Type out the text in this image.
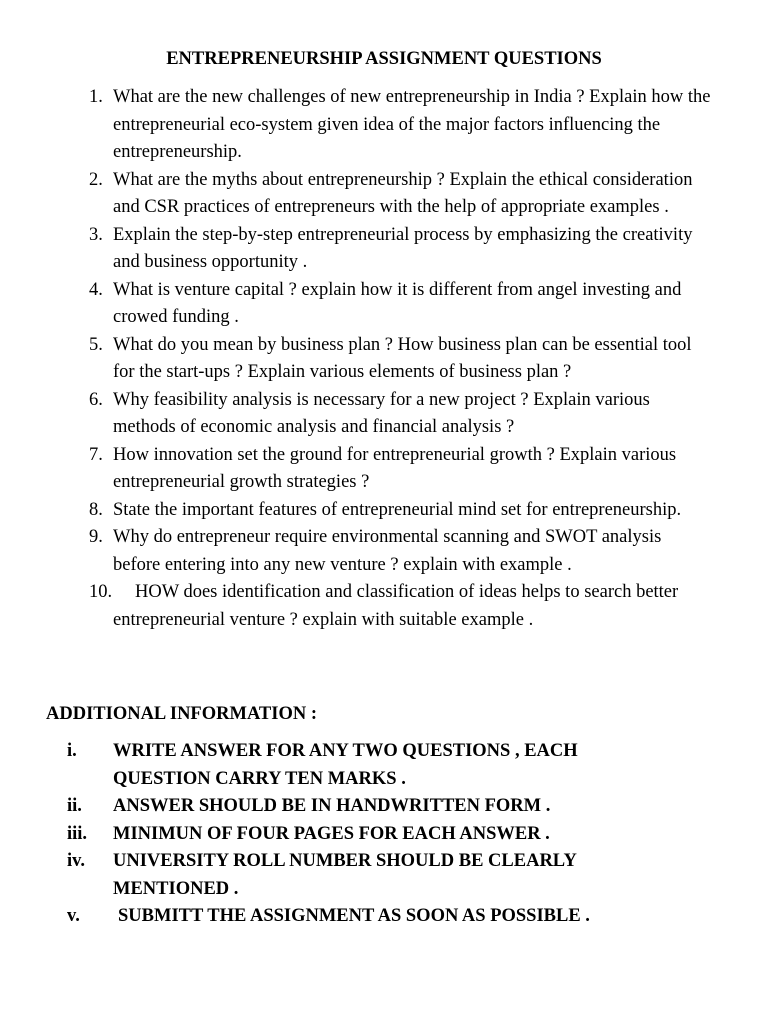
ENTREPRENEURSHIP ASSIGNMENT QUESTIONS
1. What are the new challenges of new entrepreneurship in India ? Explain how the entrepreneurial eco-system given idea of the major factors influencing the entrepreneurship.
2. What are the myths about entrepreneurship ? Explain the ethical consideration and CSR practices of entrepreneurs with the help of appropriate examples .
3. Explain the step-by-step entrepreneurial process by emphasizing the creativity and business opportunity .
4. What is venture capital ? explain how it is different from angel investing and crowed funding .
5. What do you mean by business plan ? How business plan can be essential tool for the start-ups ? Explain various elements of business plan ?
6. Why feasibility analysis is necessary for a new project ? Explain various methods of economic analysis and financial analysis ?
7. How innovation set the ground for entrepreneurial growth ? Explain various entrepreneurial growth strategies ?
8. State the important features of entrepreneurial mind set for entrepreneurship.
9. Why do entrepreneur require environmental scanning and SWOT analysis before entering into any new venture ? explain with example .
10.	HOW does identification and classification of ideas helps to search better entrepreneurial venture ? explain with suitable example .
ADDITIONAL INFORMATION :
i. WRITE ANSWER FOR ANY TWO QUESTIONS , EACH QUESTION CARRY TEN MARKS .
ii. ANSWER SHOULD BE IN HANDWRITTEN FORM .
iii. MINIMUN OF FOUR PAGES FOR EACH ANSWER .
iv. UNIVERSITY ROLL NUMBER SHOULD BE CLEARLY MENTIONED .
v. SUBMITT THE ASSIGNMENT AS SOON AS POSSIBLE .
